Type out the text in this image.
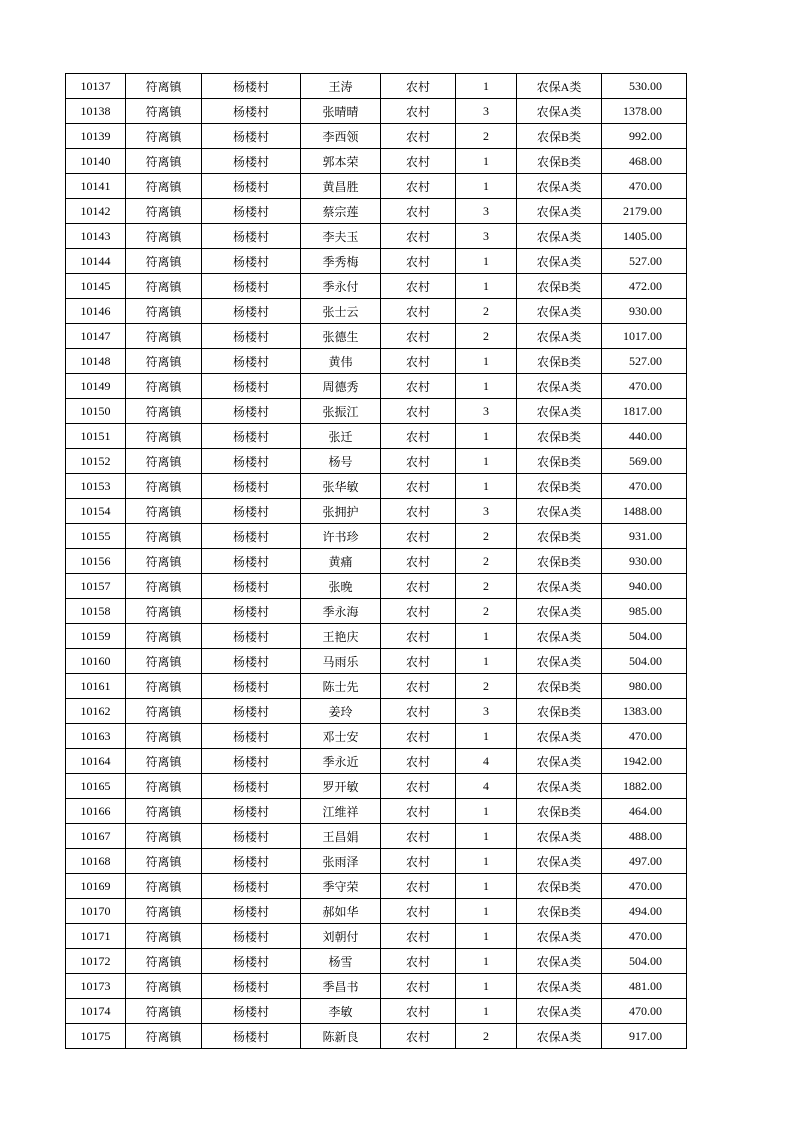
10137	符离镇	杨楼村	王涛	农村	1	农保A类	530.00
10138	符离镇	杨楼村	张晴晴	农村	3	农保A类	1378.00
10139	符离镇	杨楼村	李西领	农村	2	农保B类	992.00
10140	符离镇	杨楼村	郭本荣	农村	1	农保B类	468.00
10141	符离镇	杨楼村	黄昌胜	农村	1	农保A类	470.00
10142	符离镇	杨楼村	蔡宗莲	农村	3	农保A类	2179.00
10143	符离镇	杨楼村	李夫玉	农村	3	农保A类	1405.00
10144	符离镇	杨楼村	季秀梅	农村	1	农保A类	527.00
10145	符离镇	杨楼村	季永付	农村	1	农保B类	472.00
10146	符离镇	杨楼村	张士云	农村	2	农保A类	930.00
10147	符离镇	杨楼村	张德生	农村	2	农保A类	1017.00
10148	符离镇	杨楼村	黄伟	农村	1	农保B类	527.00
10149	符离镇	杨楼村	周德秀	农村	1	农保A类	470.00
10150	符离镇	杨楼村	张振江	农村	3	农保A类	1817.00
10151	符离镇	杨楼村	张迁	农村	1	农保B类	440.00
10152	符离镇	杨楼村	杨号	农村	1	农保B类	569.00
10153	符离镇	杨楼村	张华敏	农村	1	农保B类	470.00
10154	符离镇	杨楼村	张拥护	农村	3	农保A类	1488.00
10155	符离镇	杨楼村	许书珍	农村	2	农保B类	931.00
10156	符离镇	杨楼村	黄痛	农村	2	农保B类	930.00
10157	符离镇	杨楼村	张晚	农村	2	农保A类	940.00
10158	符离镇	杨楼村	季永海	农村	2	农保A类	985.00
10159	符离镇	杨楼村	王艳庆	农村	1	农保A类	504.00
10160	符离镇	杨楼村	马雨乐	农村	1	农保A类	504.00
10161	符离镇	杨楼村	陈士先	农村	2	农保B类	980.00
10162	符离镇	杨楼村	姜玲	农村	3	农保B类	1383.00
10163	符离镇	杨楼村	邓士安	农村	1	农保A类	470.00
10164	符离镇	杨楼村	季永近	农村	4	农保A类	1942.00
10165	符离镇	杨楼村	罗开敏	农村	4	农保A类	1882.00
10166	符离镇	杨楼村	江维祥	农村	1	农保B类	464.00
10167	符离镇	杨楼村	王昌娟	农村	1	农保A类	488.00
10168	符离镇	杨楼村	张雨泽	农村	1	农保A类	497.00
10169	符离镇	杨楼村	季守荣	农村	1	农保B类	470.00
10170	符离镇	杨楼村	郝如华	农村	1	农保B类	494.00
10171	符离镇	杨楼村	刘朝付	农村	1	农保A类	470.00
10172	符离镇	杨楼村	杨雪	农村	1	农保A类	504.00
10173	符离镇	杨楼村	季昌书	农村	1	农保A类	481.00
10174	符离镇	杨楼村	李敏	农村	1	农保A类	470.00
10175	符离镇	杨楼村	陈新良	农村	2	农保A类	917.00
